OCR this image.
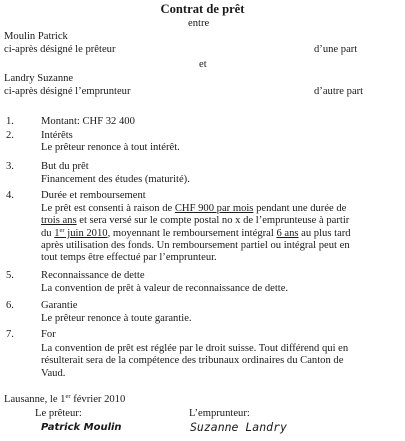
Contrat de prêt
entre
Moulin Patrick
ci-après désigné le prêteur	d’une part
et
Landry Suzanne
ci-après désigné l’emprunteur	d’autre part
1.	Montant: CHF 32 400
2.	Intérêts
Le prêteur renonce à tout intérêt.
3.	But du prêt
Financement des études (maturité).
4.	Durée et remboursement
Le prêt est consenti à raison de CHF 900 par mois pendant une durée de
trois ans et sera versé sur le compte postal no x de l’emprunteuse à partir
du 1er juin 2010, moyennant le remboursement intégral 6 ans au plus tard
après utilisation des fonds. Un remboursement partiel ou intégral peut en
tout temps être effectué par l’emprunteur.
5.	Reconnaissance de dette
La convention de prêt à valeur de reconnaissance de dette.
6.	Garantie
Le prêteur renonce à toute garantie.
7.	For
La convention de prêt est réglée par le droit suisse. Tout différend qui en
résulterait sera de la compétence des tribunaux ordinaires du Canton de
Vaud.
Lausanne, le 1er février 2010
Le prêteur:	L’emprunteur:
Patrick Moulin	Suzanne Landry
